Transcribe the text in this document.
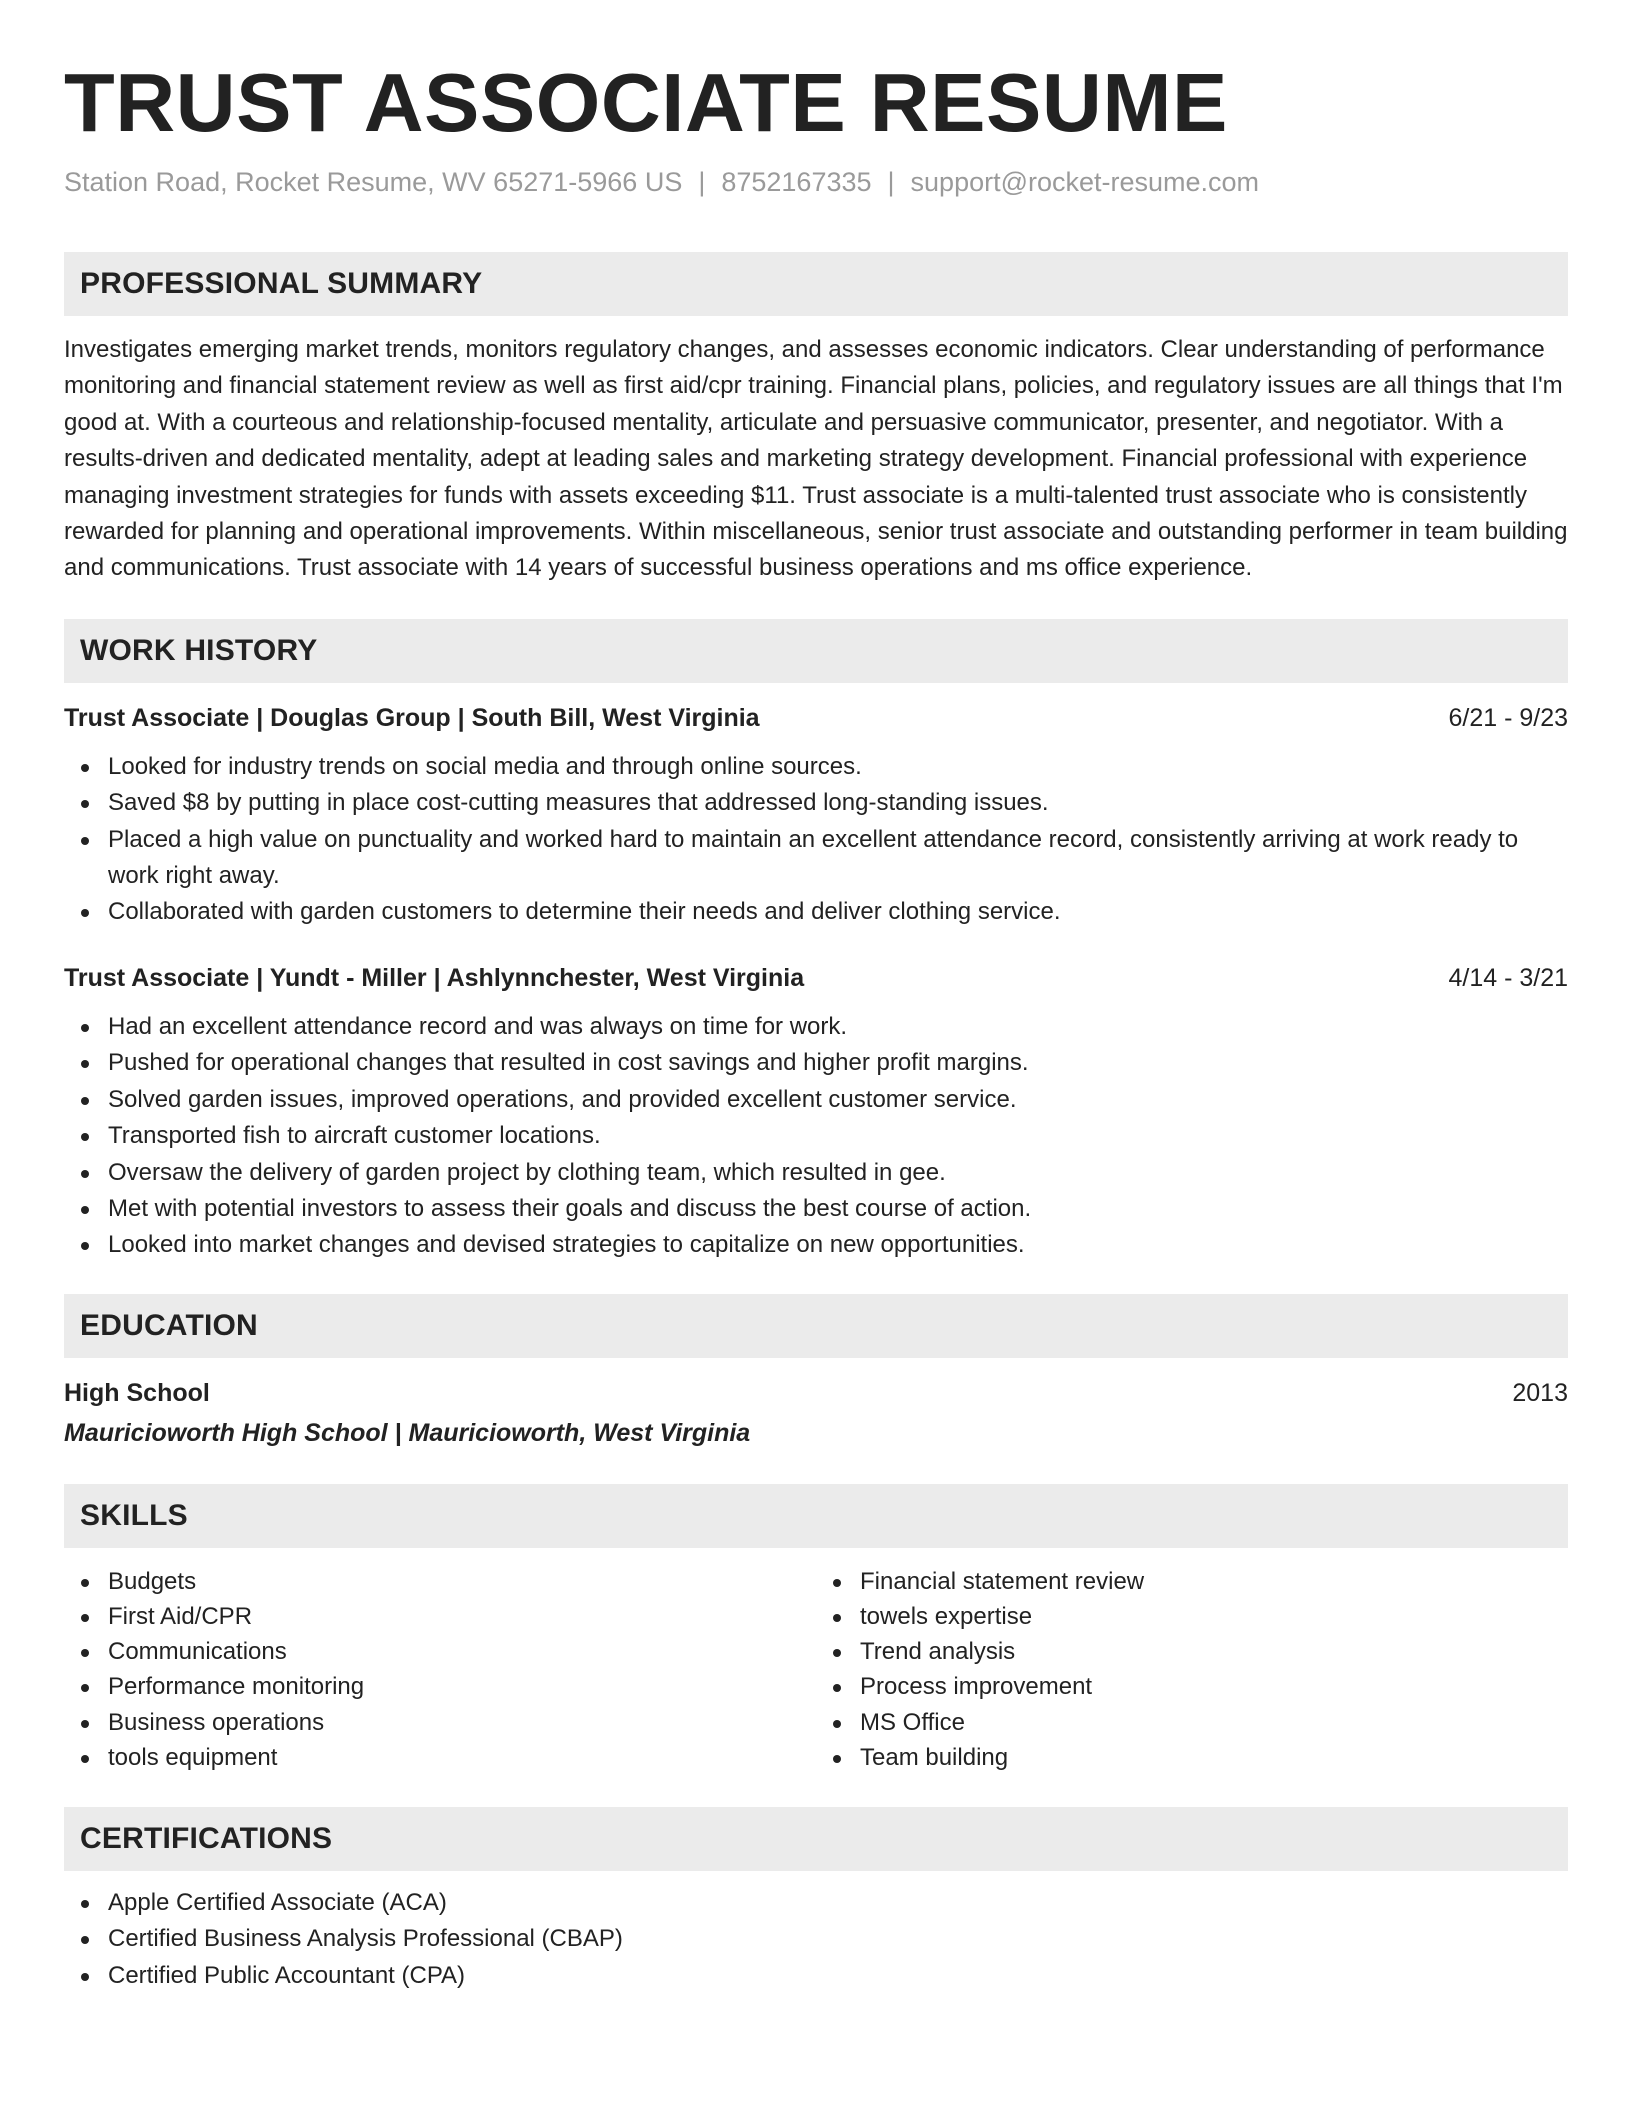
TRUST ASSOCIATE RESUME
Station Road, Rocket Resume, WV 65271-5966 US | 8752167335 | support@rocket-resume.com
PROFESSIONAL SUMMARY

Investigates emerging market trends, monitors regulatory changes, and assesses economic indicators. Clear understanding of performance monitoring and financial statement review as well as first aid/cpr training. Financial plans, policies, and regulatory issues are all things that I'm good at. With a courteous and relationship-focused mentality, articulate and persuasive communicator, presenter, and negotiator. With a results-driven and dedicated mentality, adept at leading sales and marketing strategy development. Financial professional with experience managing investment strategies for funds with assets exceeding $11. Trust associate is a multi-talented trust associate who is consistently rewarded for planning and operational improvements. Within miscellaneous, senior trust associate and outstanding performer in team building and communications. Trust associate with 14 years of successful business operations and ms office experience.

WORK HISTORY
Trust Associate | Douglas Group | South Bill, West Virginia	6/21 - 9/23
Looked for industry trends on social media and through online sources.
Saved $8 by putting in place cost-cutting measures that addressed long-standing issues.
Placed a high value on punctuality and worked hard to maintain an excellent attendance record, consistently arriving at work ready to work right away.
Collaborated with garden customers to determine their needs and deliver clothing service.
Trust Associate | Yundt - Miller | Ashlynnchester, West Virginia	4/14 - 3/21
Had an excellent attendance record and was always on time for work.
Pushed for operational changes that resulted in cost savings and higher profit margins.
Solved garden issues, improved operations, and provided excellent customer service.
Transported fish to aircraft customer locations.
Oversaw the delivery of garden project by clothing team, which resulted in gee.
Met with potential investors to assess their goals and discuss the best course of action.
Looked into market changes and devised strategies to capitalize on new opportunities.
EDUCATION
High School	2013
Mauricioworth High School | Mauricioworth, West Virginia
SKILLS
Budgets
First Aid/CPR
Communications
Performance monitoring
Business operations
tools equipment
Financial statement review
towels expertise
Trend analysis
Process improvement
MS Office
Team building
CERTIFICATIONS
Apple Certified Associate (ACA)
Certified Business Analysis Professional (CBAP)
Certified Public Accountant (CPA)
